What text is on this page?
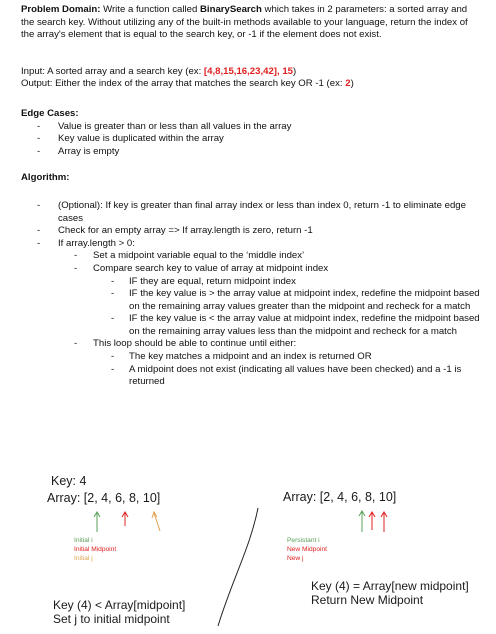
Problem Domain: Write a function called BinarySearch which takes in 2 parameters: a sorted array and the search key. Without utilizing any of the built-in methods available to your language, return the index of the array's element that is equal to the search key, or -1 if the element does not exist.

Input: A sorted array and a search key (ex: [4,8,15,16,23,42], 15)

Output: Either the index of the array that matches the search key OR -1 (ex: 2)

Edge Cases:

- Value is greater than or less than all values in the array
- Key value is duplicated within the array
- Array is empty

Algorithm:

- (Optional): If key is greater than final array index or less than index 0, return -1 to eliminate edge cases
- Check for an empty array => If array.length is zero, return -1
- If array.length > 0:
- Set a midpoint variable equal to the ‘middle index’
- Compare search key to value of array at midpoint index
- IF they are equal, return midpoint index
- IF the key value is > the array value at midpoint index, redefine the midpoint based on the remaining array values greater than the midpoint and recheck for a match
- IF the key value is < the array value at midpoint index, redefine the midpoint based on the remaining array values less than the midpoint and recheck for a match
- This loop should be able to continue until either:
- The key matches a midpoint and an index is returned OR
- A midpoint does not exist (indicating all values have been checked) and a -1 is returned
Key: 4
Array: [2, 4, 6, 8, 10]
Initial i
Initial Midpoint
Initial j
Key (4) < Array[midpoint]
Set j to initial midpoint
Array: [2, 4, 6, 8, 10]
Persistant i
New Midpoint
New j
Key (4) = Array[new midpoint]
Return New Midpoint
